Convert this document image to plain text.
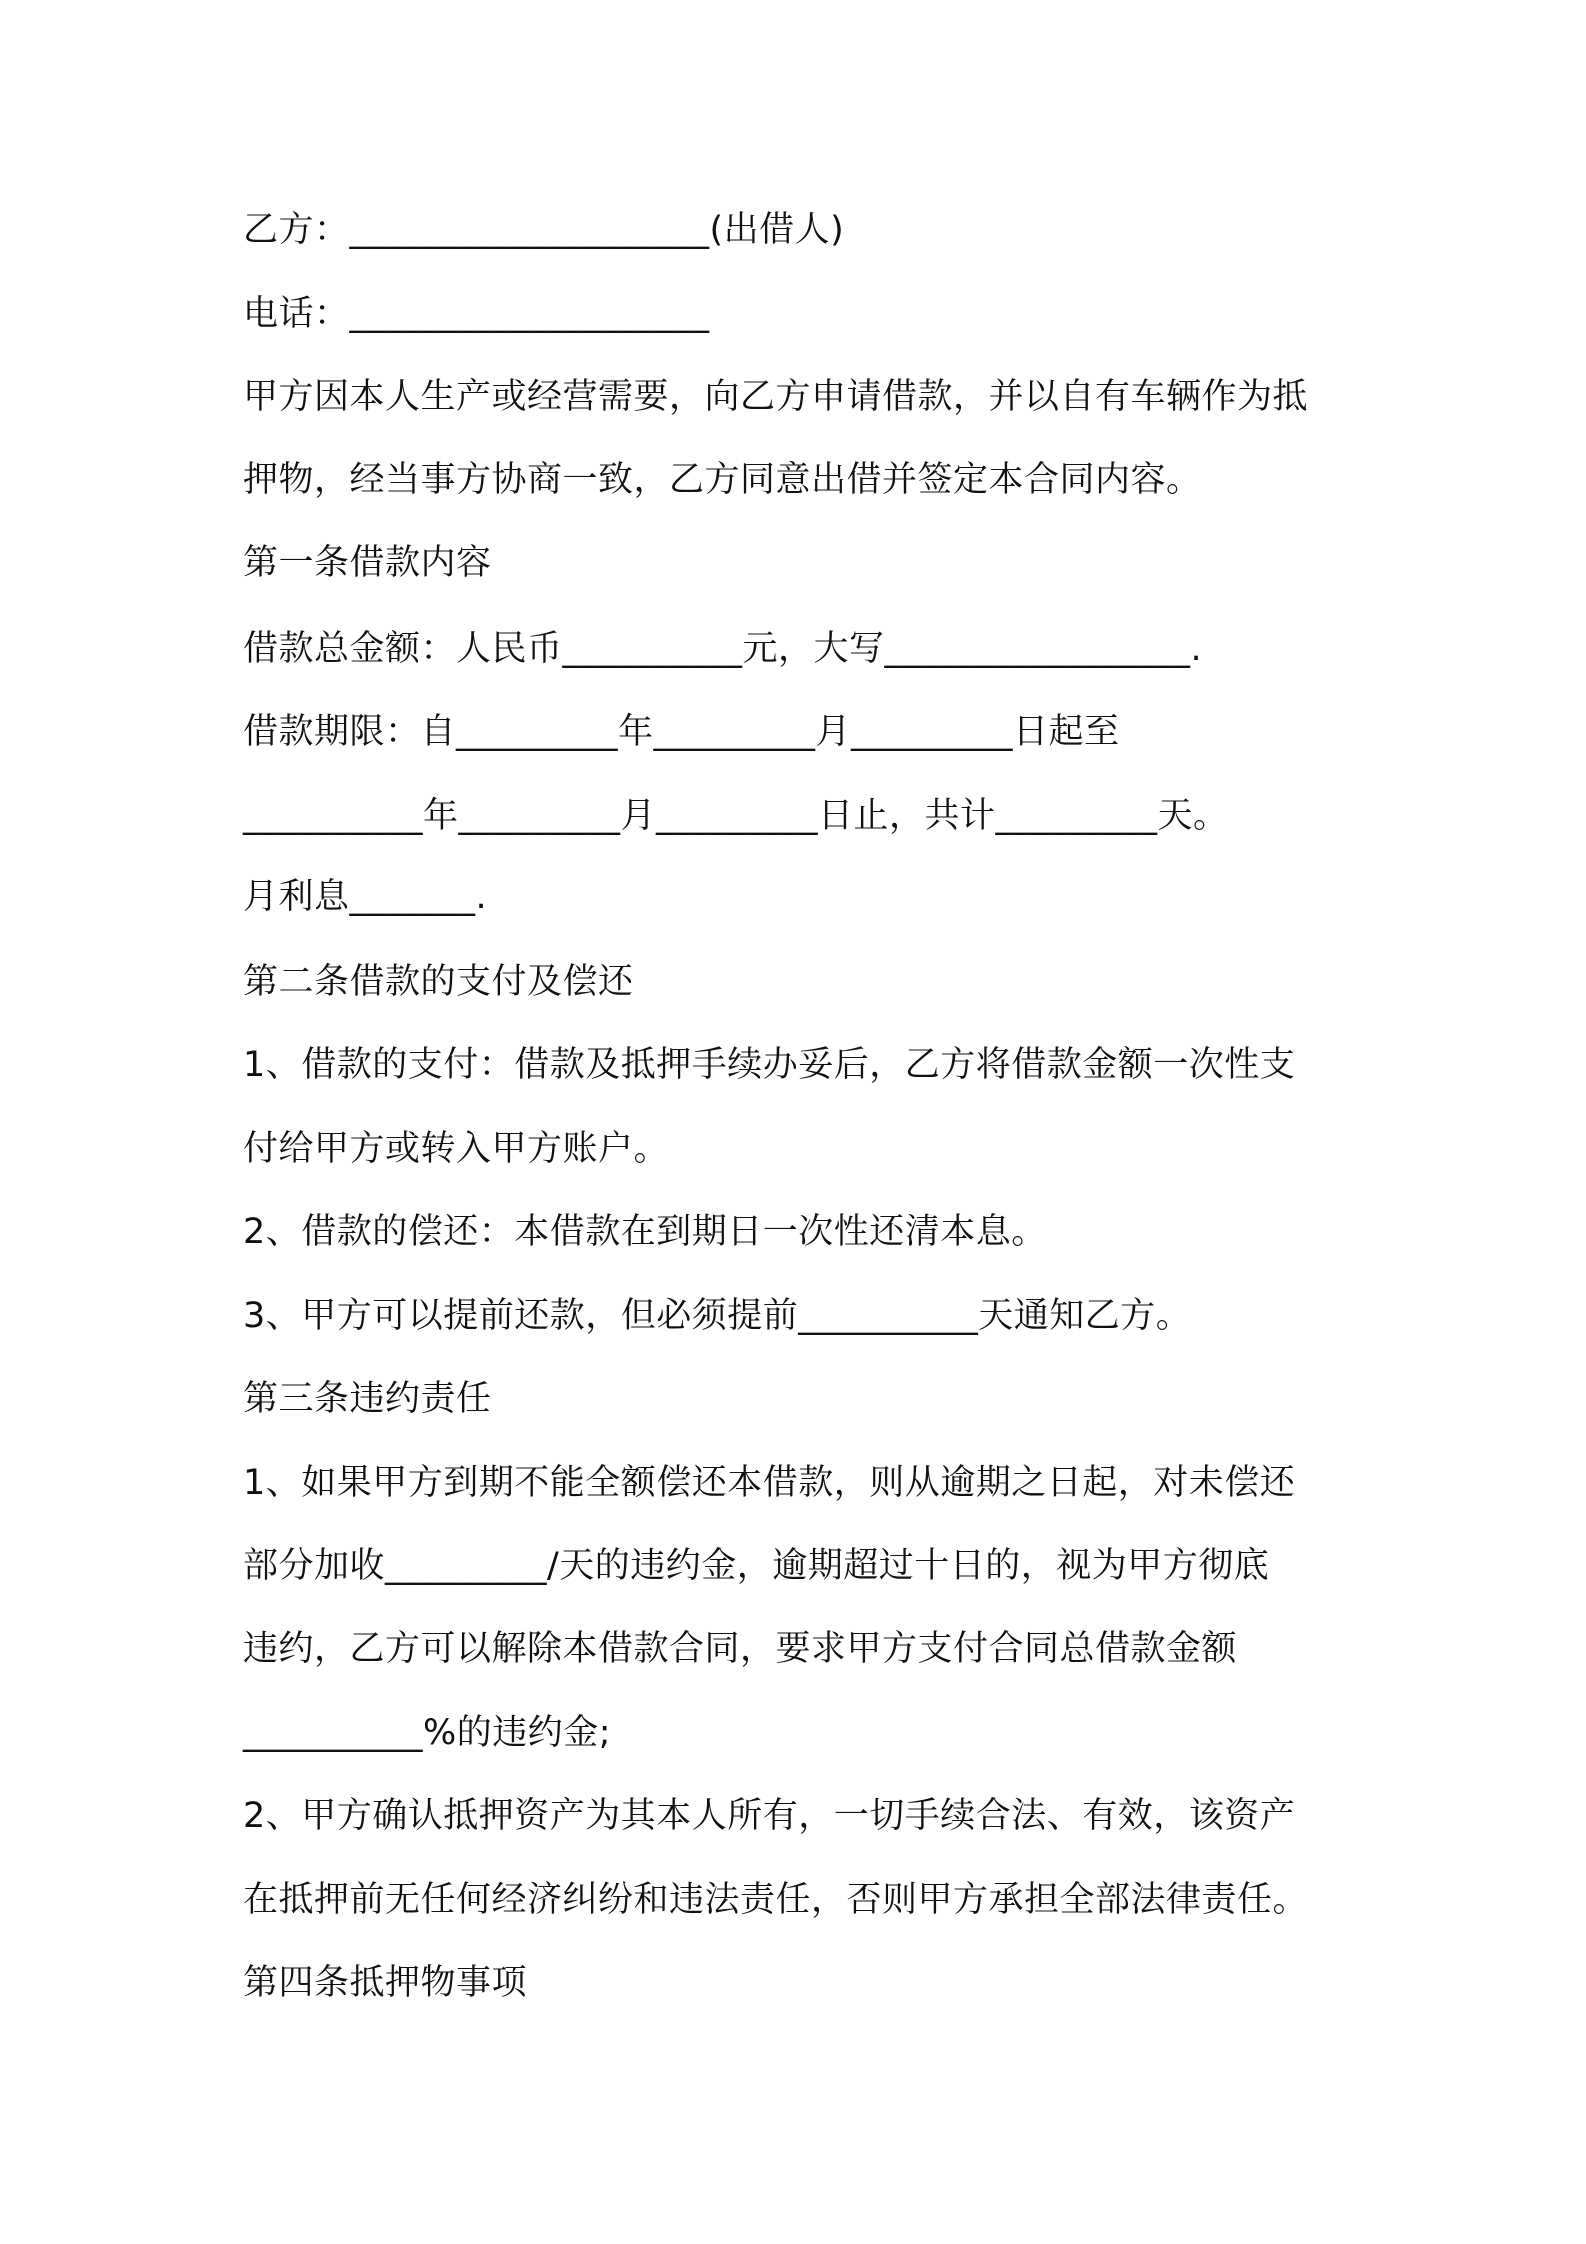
乙方：____________________(出借人)
电话：____________________
甲方因本人生产或经营需要，向乙方申请借款，并以自有车辆作为抵
押物，经当事方协商一致，乙方同意出借并签定本合同内容。
第一条借款内容
借款总金额：人民币__________元，大写_________________.
借款期限：自_________年_________月_________日起至
__________年_________月_________日止，共计_________天。
月利息_______.
第二条借款的支付及偿还
1、借款的支付：借款及抵押手续办妥后，乙方将借款金额一次性支
付给甲方或转入甲方账户。
2、借款的偿还：本借款在到期日一次性还清本息。
3、甲方可以提前还款，但必须提前__________天通知乙方。
第三条违约责任
1、如果甲方到期不能全额偿还本借款，则从逾期之日起，对未偿还
部分加收_________/天的违约金，逾期超过十日的，视为甲方彻底
违约，乙方可以解除本借款合同，要求甲方支付合同总借款金额
__________%的违约金;
2、甲方确认抵押资产为其本人所有，一切手续合法、有效，该资产
在抵押前无任何经济纠纷和违法责任，否则甲方承担全部法律责任。
第四条抵押物事项
